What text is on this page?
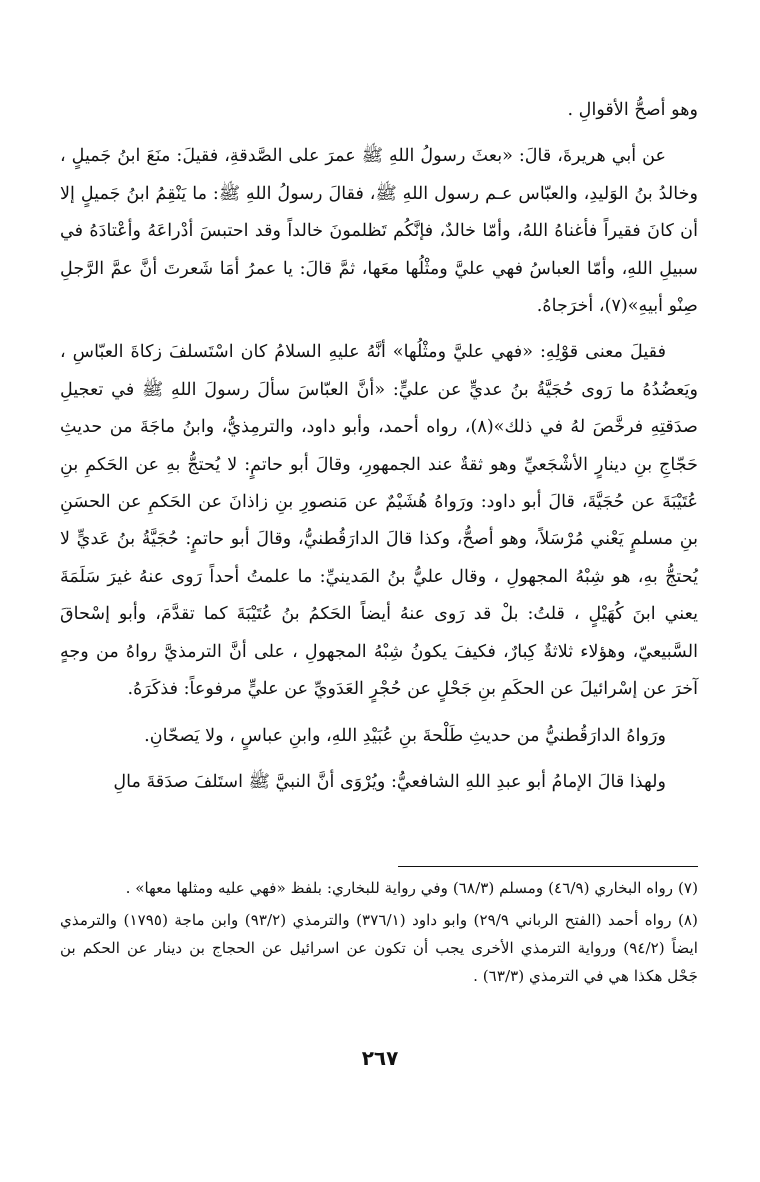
وهو أصحُّ الأقوالِ .

عن أبي هريرةَ، قالَ: «بعثَ رسولُ اللهِ ﷺ عمرَ على الصَّدقةِ، فقيلَ: منَعَ ابنُ جَميلٍ ، وخالدُ بنُ الوَليدِ، والعبّاس عـم رسول اللهِ ﷺ، فقالَ رسولُ اللهِ ﷺ: ما يَنْقِمُ ابنُ جَميلٍ إلا أن كانَ فقيراً فأغناهُ اللهُ، وأمّا خالدٌ، فإنَّكُم تَظلمونَ خالداً وقد احتبسَ أدْراعَهُ وأعْتادَهُ في سبيلِ اللهِ، وأمّا العباسُ فهي عليَّ ومثْلُها معَها، ثمَّ قالَ: يا عمرُ أمَا شَعرتَ أنَّ عمَّ الرَّجلِ صِنْو أبيهِ»(٧)، أخرَجاهُ.

فقيلَ معنى قوْلِهِ: «فهي عليَّ ومثْلُها» أنَّهُ عليهِ السلامُ كان اسْتَسلفَ زكاةَ العبّاسِ ، ويَعضُدُهُ ما رَوى حُجَيَّةُ بنُ عديٍّ عن عليٍّ: «أنَّ العبّاسَ سألَ رسولَ اللهِ ﷺ في تعجيلِ صدَقتِهِ فرخَّصَ لهُ في ذلك»(٨)، رواه أحمد، وأبو داود، والترمِذيُّ، وابنُ ماجَةَ من حديثِ حَجّاجِ بنِ دينارٍ الأشْجَعيِّ وهو ثقةٌ عند الجمهورِ، وقالَ أبو حاتمٍ: لا يُحتجُّ بهِ عن الحَكمِ بنِ عُتَيْبَةَ عن حُجَيَّةَ، قالَ أبو داود: ورَواهُ هُشَيْمٌ عن مَنصورِ بنِ زاذانَ عن الحَكمِ عن الحسَنِ بنِ مسلمٍ يَعْني مُرْسَلاً، وهو أصحُّ، وكذا قالَ الدارَقُطنيُّ، وقالَ أبو حاتمٍ: حُجَيَّةُ بنُ عَديٍّ لا يُحتجُّ بهِ، هو شِبْهُ المجهولِ ، وقال عليُّ بنُ المَدينيِّ: ما علمتُ أحداً رَوى عنهُ غيرَ سَلَمَةَ يعني ابنَ كُهَيْلٍ ، قلتُ: بلْ قد رَوى عنهُ أيضاً الحَكمُ بنُ عُتَيْبَةَ كما تقدَّمَ، وأبو إسْحاقَ السَّبيعيّ، وهؤلاء ثلاثةٌ كِبارٌ، فكيفَ يكونُ شِبْهُ المجهولِ ، على أنَّ الترمذيَّ رواهُ من وجهٍ آخرَ عن إسْرائيلَ عن الحكَمِ بنِ جَحْلٍ عن حُجْرٍ العَدَويِّ عن عليٍّ مرفوعاً: فذكَرَهُ.

ورَواهُ الدارَقُطنيُّ من حديثِ طَلْحةَ بنِ عُبَيْدِ اللهِ، وابنِ عباسٍ ، ولا يَصحّانِ.

ولهذا قالَ الإمامُ أبو عبدِ اللهِ الشافعيُّ: ويُرْوَى أنَّ النبيَّ ﷺ استَلفَ صدَقةَ مالِ

(٧) رواه البخاري (٤٦/٩) ومسلم (٦٨/٣) وفي رواية للبخاري: بلفظ «فهي عليه ومثلها معها» .

(٨) رواه أحمد (الفتح الرباني ٢٩/٩) وابو داود (٣٧٦/١) والترمذي (٩٣/٢) وابن ماجة (١٧٩٥) والترمذي ايضاً (٩٤/٢) ورواية الترمذي الأخرى يجب أن تكون عن اسرائيل عن الحجاج بن دينار عن الحكم بن جَحْل هكذا هي في الترمذي (٦٣/٣) .

٢٦٧
